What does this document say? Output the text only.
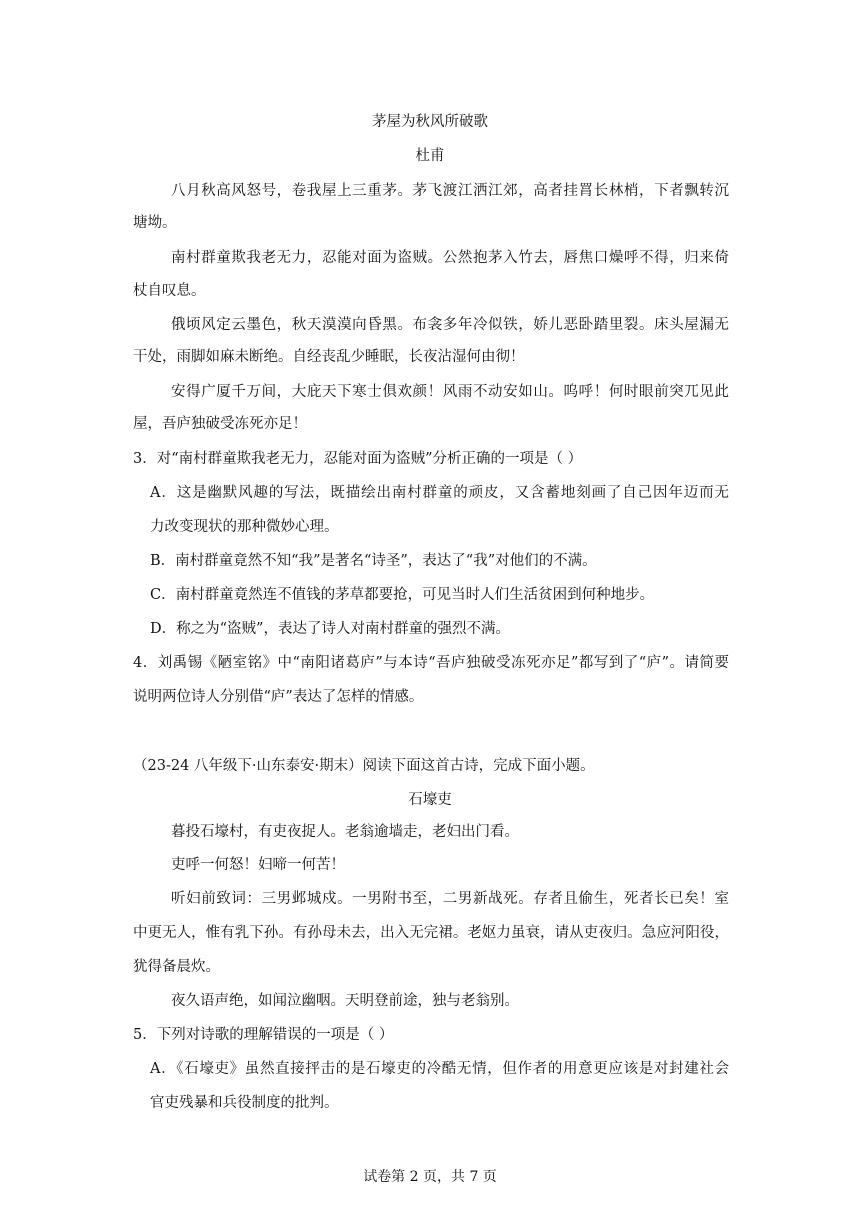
茅屋为秋风所破歌
杜甫
八月秋高风怒号，卷我屋上三重茅。茅飞渡江洒江郊，高者挂罥长林梢，下者飘转沉
塘坳。
南村群童欺我老无力，忍能对面为盗贼。公然抱茅入竹去，唇焦口燥呼不得，归来倚
杖自叹息。
俄顷风定云墨色，秋天漠漠向昏黑。布衾多年冷似铁，娇儿恶卧踏里裂。床头屋漏无
干处，雨脚如麻未断绝。自经丧乱少睡眠，长夜沾湿何由彻！
安得广厦千万间，大庇天下寒士俱欢颜！风雨不动安如山。呜呼！何时眼前突兀见此
屋，吾庐独破受冻死亦足！
3．对“南村群童欺我老无力，忍能对面为盗贼”分析正确的一项是（ ）
A．这是幽默风趣的写法，既描绘出南村群童的顽皮，又含蓄地刻画了自己因年迈而无
力改变现状的那种微妙心理。
B．南村群童竟然不知“我”是著名“诗圣”，表达了“我”对他们的不满。
C．南村群童竟然连不值钱的茅草都要抢，可见当时人们生活贫困到何种地步。
D．称之为“盗贼”，表达了诗人对南村群童的强烈不满。
4．刘禹锡《陋室铭》中“南阳诸葛庐”与本诗“吾庐独破受冻死亦足”都写到了“庐”。请简要
说明两位诗人分别借“庐”表达了怎样的情感。
（23-24 八年级下·山东泰安·期末）阅读下面这首古诗，完成下面小题。
石壕吏
暮投石壕村，有吏夜捉人。老翁逾墙走，老妇出门看。
吏呼一何怒！妇啼一何苦！
听妇前致词：三男邺城戍。一男附书至，二男新战死。存者且偷生，死者长已矣！室
中更无人，惟有乳下孙。有孙母未去，出入无完裙。老妪力虽衰，请从吏夜归。急应河阳役，
犹得备晨炊。
夜久语声绝，如闻泣幽咽。天明登前途，独与老翁别。
5．下列对诗歌的理解错误的一项是（ ）
A．《石壕吏》虽然直接抨击的是石壕吏的冷酷无情，但作者的用意更应该是对封建社会
官吏残暴和兵役制度的批判。
试卷第 2 页，共 7 页
